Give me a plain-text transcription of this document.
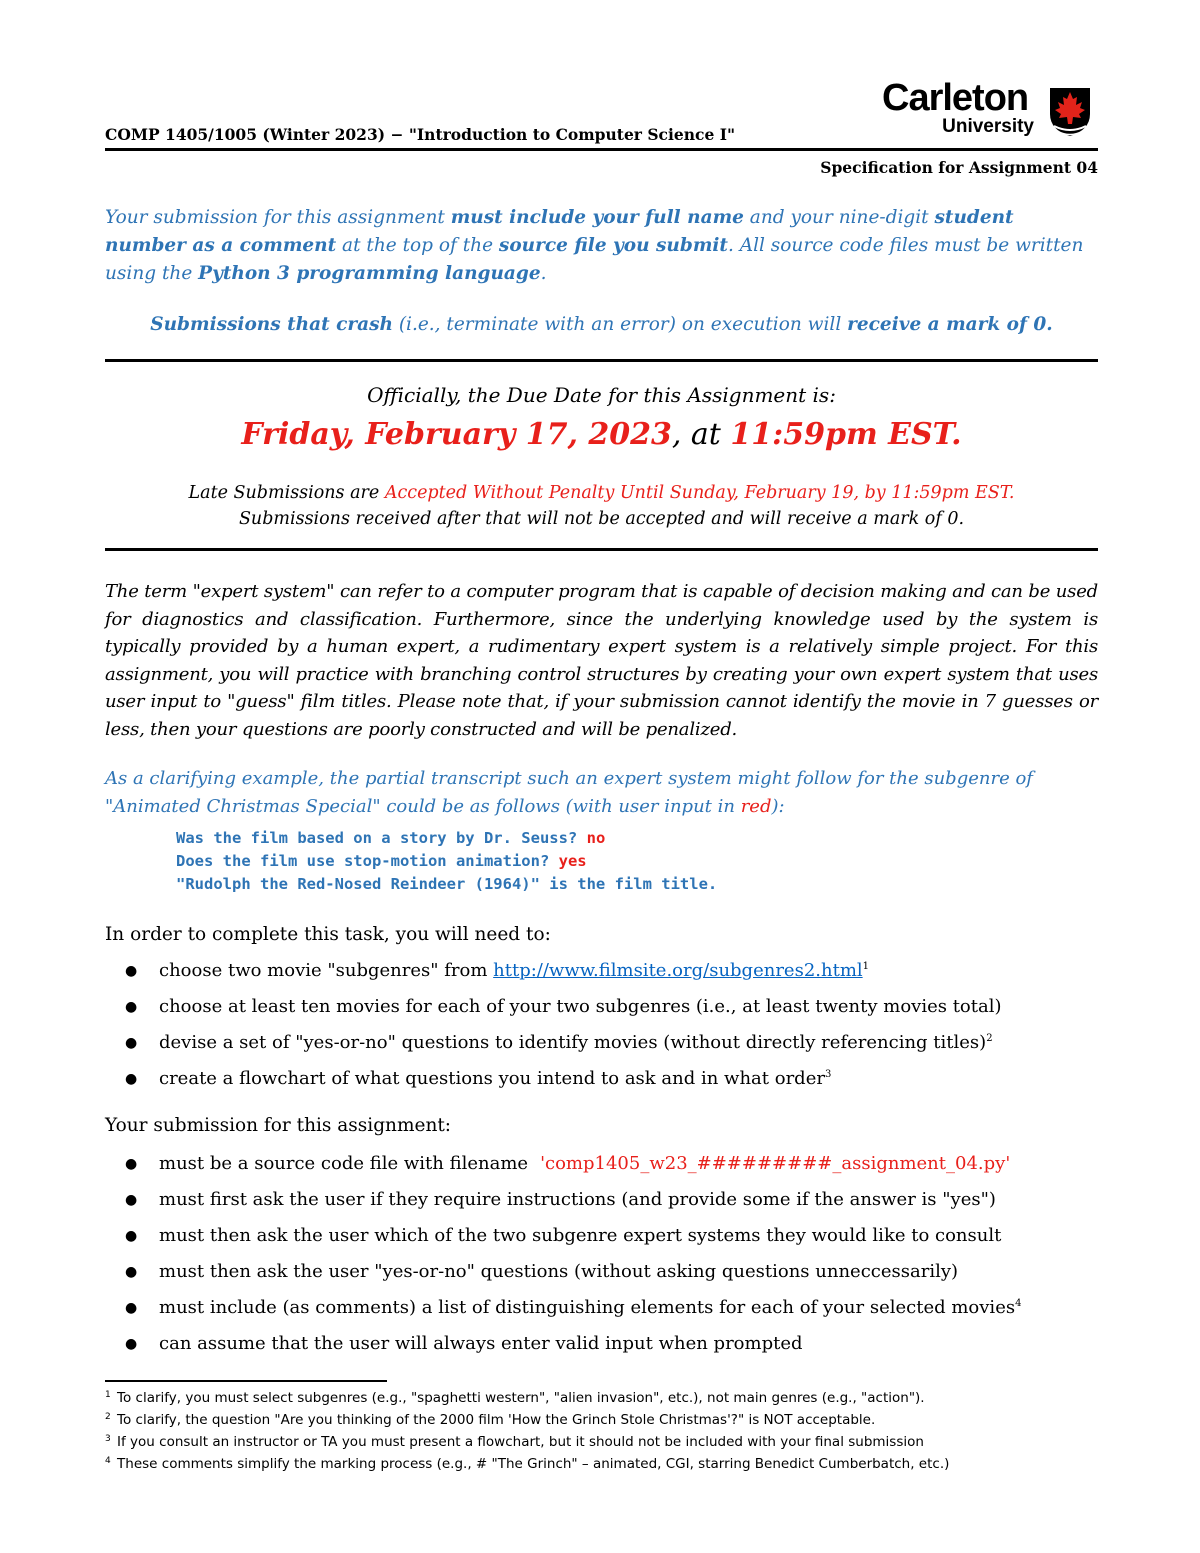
Carleton
University
COMP 1405/1005 (Winter 2023) − "Introduction to Computer Science I"
Specification for Assignment 04
Your submission for this assignment must include your full name and your nine-digit student number as a comment at the top of the source file you submit. All source code files must be written using the Python 3 programming language.
Submissions that crash (i.e., terminate with an error) on execution will receive a mark of 0.
Officially, the Due Date for this Assignment is:
Friday, February 17, 2023, at 11:59pm EST.
Late Submissions are Accepted Without Penalty Until Sunday, February 19, by 11:59pm EST.
Submissions received after that will not be accepted and will receive a mark of 0.
The term "expert system" can refer to a computer program that is capable of decision making and can be used for diagnostics and classification. Furthermore, since the underlying knowledge used by the system is typically provided by a human expert, a rudimentary expert system is a relatively simple project. For this assignment, you will practice with branching control structures by creating your own expert system that uses user input to "guess" film titles. Please note that, if your submission cannot identify the movie in 7 guesses or less, then your questions are poorly constructed and will be penalized.
As a clarifying example, the partial transcript such an expert system might follow for the subgenre of "Animated Christmas Special" could be as follows (with user input in red):
Was the film based on a story by Dr. Seuss? no
Does the film use stop-motion animation? yes
"Rudolph the Red-Nosed Reindeer (1964)" is the film title.
In order to complete this task, you will need to:
● choose two movie "subgenres" from http://www.filmsite.org/subgenres2.html$^1$
● choose at least ten movies for each of your two subgenres (i.e., at least twenty movies total)
● devise a set of "yes-or-no" questions to identify movies (without directly referencing titles)$^2$
● create a flowchart of what questions you intend to ask and in what order$^3$
Your submission for this assignment:
● must be a source code file with filename 'comp1405_w23_#########_assignment_04.py'
● must first ask the user if they require instructions (and provide some if the answer is "yes")
● must then ask the user which of the two subgenre expert systems they would like to consult
● must then ask the user "yes-or-no" questions (without asking questions unneccessarily)
● must include (as comments) a list of distinguishing elements for each of your selected movies$^4$
● can assume that the user will always enter valid input when prompted
$^1$ To clarify, you must select subgenres (e.g., "spaghetti western", "alien invasion", etc.), not main genres (e.g., "action").
$^2$ To clarify, the question "Are you thinking of the 2000 film 'How the Grinch Stole Christmas'?" is NOT acceptable.
$^3$ If you consult an instructor or TA you must present a flowchart, but it should not be included with your final submission
$^4$ These comments simplify the marking process (e.g., # "The Grinch" – animated, CGI, starring Benedict Cumberbatch, etc.)
